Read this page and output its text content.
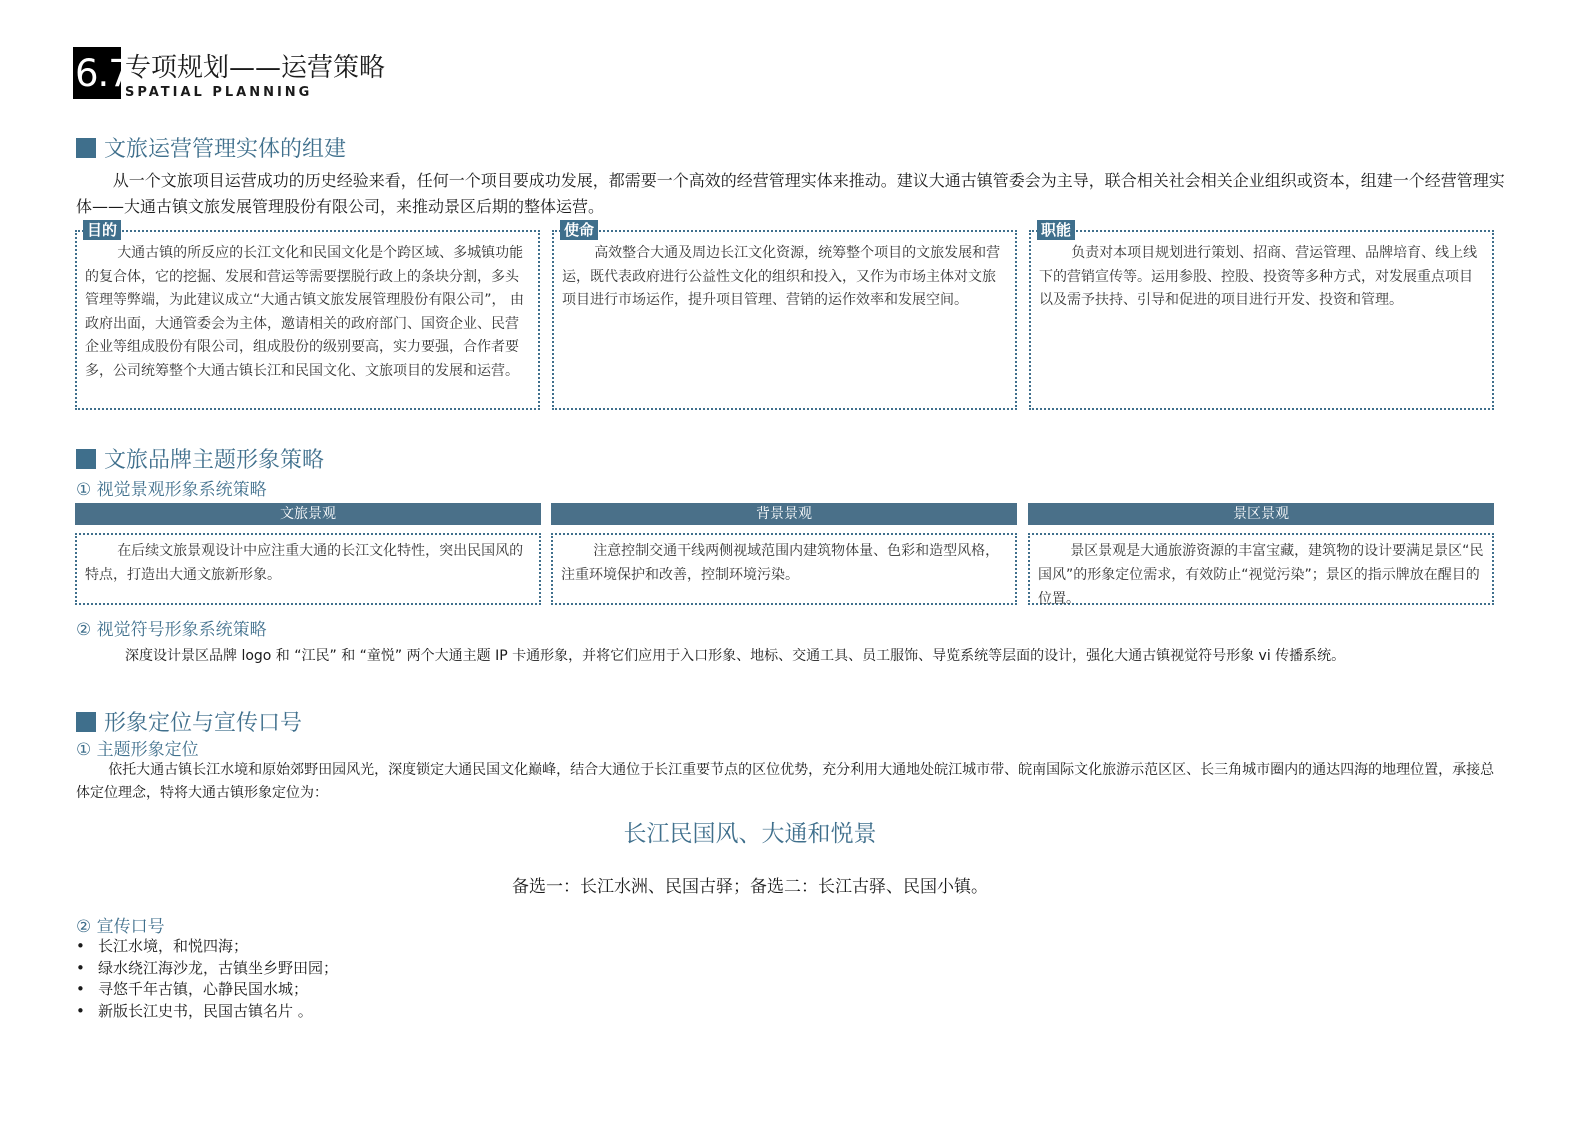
6.7
专项规划——运营策略
SPATIAL PLANNING
文旅运营管理实体的组建
从一个文旅项目运营成功的历史经验来看，任何一个项目要成功发展，都需要一个高效的经营管理实体来推动。建议大通古镇管委会为主导，联合相关社会相关企业组织或资本，组建一个经营管理实体——大通古镇文旅发展管理股份有限公司，来推动景区后期的整体运营。
目的
大通古镇的所反应的长江文化和民国文化是个跨区域、多城镇功能的复合体，它的挖掘、发展和营运等需要摆脱行政上的条块分割，多头管理等弊端，为此建议成立“大通古镇文旅发展管理股份有限公司”， 由政府出面，大通管委会为主体，邀请相关的政府部门、国资企业、民营企业等组成股份有限公司，组成股份的级别要高，实力要强，合作者要多，公司统筹整个大通古镇长江和民国文化、文旅项目的发展和运营。
使命
高效整合大通及周边长江文化资源，统筹整个项目的文旅发展和营运，既代表政府进行公益性文化的组织和投入，又作为市场主体对文旅项目进行市场运作，提升项目管理、营销的运作效率和发展空间。
职能
负责对本项目规划进行策划、招商、营运管理、品牌培育、线上线下的营销宣传等。运用参股、控股、投资等多种方式，对发展重点项目以及需予扶持、引导和促进的项目进行开发、投资和管理。
文旅品牌主题形象策略
① 视觉景观形象系统策略
文旅景观	背景景观	景区景观
在后续文旅景观设计中应注重大通的长江文化特性，突出民国风的特点，打造出大通文旅新形象。
注意控制交通干线两侧视域范围内建筑物体量、色彩和造型风格，注重环境保护和改善，控制环境污染。
景区景观是大通旅游资源的丰富宝藏，建筑物的设计要满足景区“民国风”的形象定位需求，有效防止“视觉污染”；景区的指示牌放在醒目的位置。
② 视觉符号形象系统策略
深度设计景区品牌 logo 和 “江民” 和 “童悦” 两个大通主题 IP 卡通形象，并将它们应用于入口形象、地标、交通工具、员工服饰、导览系统等层面的设计，强化大通古镇视觉符号形象 vi 传播系统。
形象定位与宣传口号
① 主题形象定位
依托大通古镇长江水境和原始郊野田园风光，深度锁定大通民国文化巅峰，结合大通位于长江重要节点的区位优势，充分利用大通地处皖江城市带、皖南国际文化旅游示范区区、长三角城市圈内的通达四海的地理位置，承接总体定位理念，特将大通古镇形象定位为：
长江民国风、大通和悦景
备选一：长江水洲、民国古驿；备选二：长江古驿、民国小镇。
② 宣传口号
• 长江水境，和悦四海；
• 绿水绕江海沙龙，古镇坐乡野田园；
• 寻悠千年古镇，心静民国水城；
• 新版长江史书，民国古镇名片 。
